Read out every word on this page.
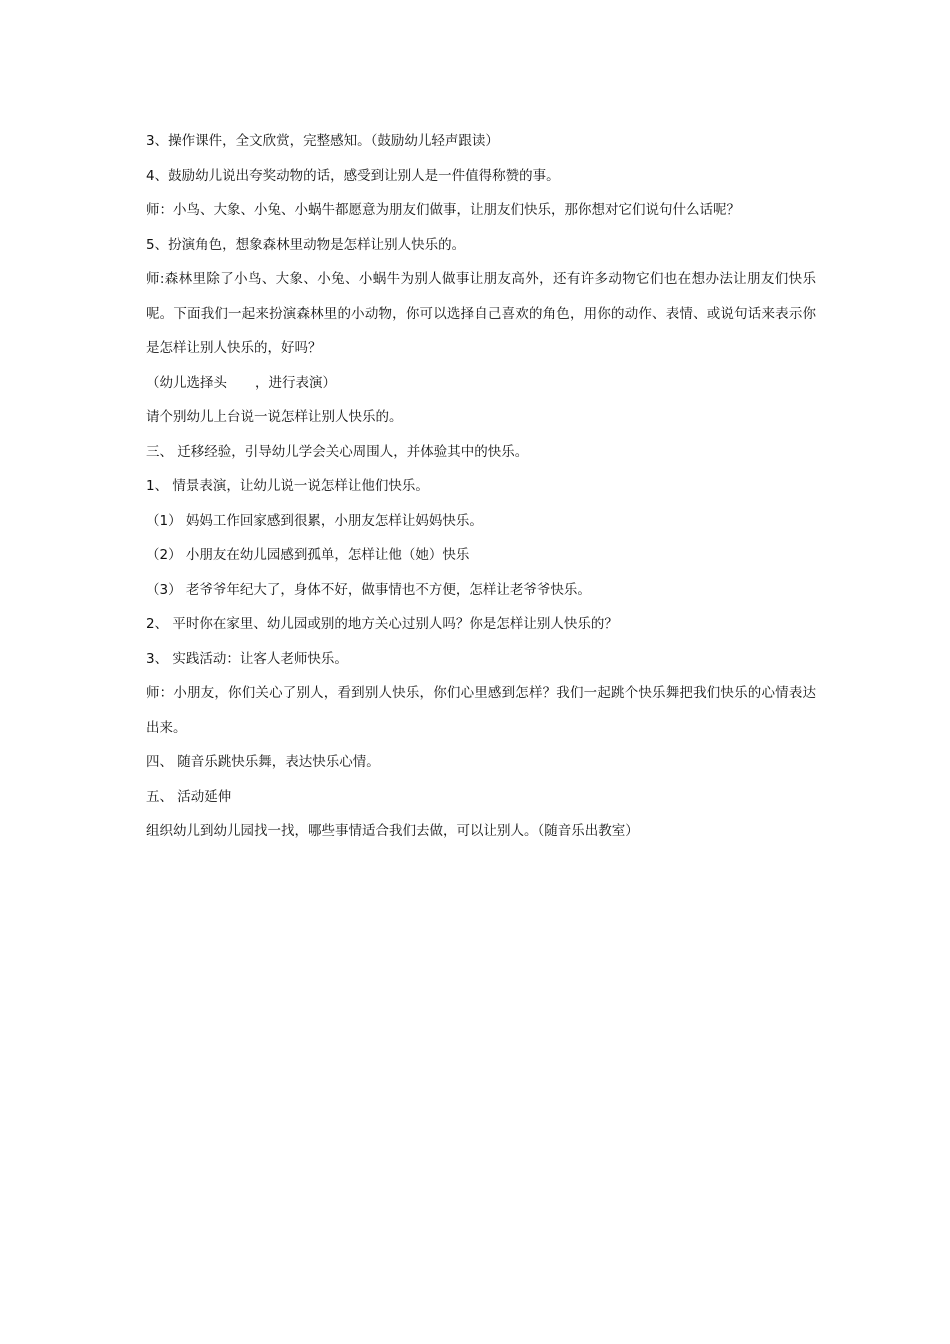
3、操作课件，全文欣赏，完整感知。（鼓励幼儿轻声跟读）
4、鼓励幼儿说出夸奖动物的话，感受到让别人是一件值得称赞的事。
师：小鸟、大象、小兔、小蜗牛都愿意为朋友们做事，让朋友们快乐，那你想对它们说句什么话呢？
5、扮演角色，想象森林里动物是怎样让别人快乐的。
师:森林里除了小鸟、大象、小兔、小蜗牛为别人做事让朋友高外，还有许多动物它们也在想办法让朋友们快乐呢。下面我们一起来扮演森林里的小动物，你可以选择自己喜欢的角色，用你的动作、表情、或说句话来表示你是怎样让别人快乐的，好吗？
（幼儿选择头 ，进行表演）
请个别幼儿上台说一说怎样让别人快乐的。
三、 迁移经验，引导幼儿学会关心周围人，并体验其中的快乐。
1、 情景表演，让幼儿说一说怎样让他们快乐。
（1） 妈妈工作回家感到很累，小朋友怎样让妈妈快乐。
（2） 小朋友在幼儿园感到孤单，怎样让他（她）快乐
（3） 老爷爷年纪大了，身体不好，做事情也不方便，怎样让老爷爷快乐。
2、 平时你在家里、幼儿园或别的地方关心过别人吗？你是怎样让别人快乐的？
3、 实践活动：让客人老师快乐。
师：小朋友，你们关心了别人，看到别人快乐，你们心里感到怎样？我们一起跳个快乐舞把我们快乐的心情表达出来。
四、 随音乐跳快乐舞，表达快乐心情。
五、 活动延伸
组织幼儿到幼儿园找一找，哪些事情适合我们去做，可以让别人。（随音乐出教室）
